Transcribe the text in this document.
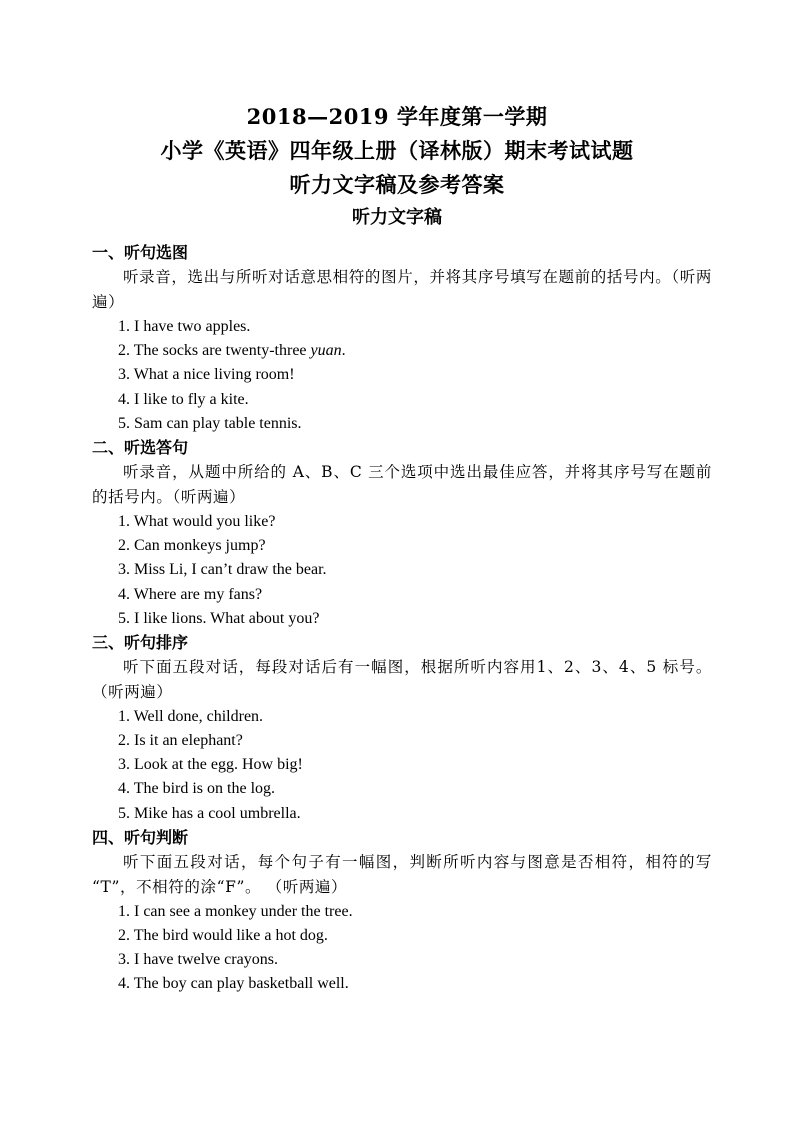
2018—2019 学年度第一学期
小学《英语》四年级上册（译林版）期末考试试题
听力文字稿及参考答案
听力文字稿
一、听句选图
听录音，选出与所听对话意思相符的图片，并将其序号填写在题前的括号内。（听两遍）
1. I have two apples.
2. The socks are twenty-three yuan.
3. What a nice living room!
4. I like to fly a kite.
5. Sam can play table tennis.
二、听选答句
听录音，从题中所给的 A、B、C 三个选项中选出最佳应答，并将其序号写在题前的括号内。（听两遍）
1. What would you like?
2. Can monkeys jump?
3. Miss Li, I can’t draw the bear.
4. Where are my fans?
5. I like lions. What about you?
三、听句排序
听下面五段对话，每段对话后有一幅图，根据所听内容用1、2、3、4、5 标号。（听两遍）
1. Well done, children.
2. Is it an elephant?
3. Look at the egg. How big!
4. The bird is on the log.
5. Mike has a cool umbrella.
四、听句判断
听下面五段对话，每个句子有一幅图，判断所听内容与图意是否相符，相符的写 “T”，不相符的涂“F”。 （听两遍）
1. I can see a monkey under the tree.
2. The bird would like a hot dog.
3. I have twelve crayons.
4. The boy can play basketball well.
